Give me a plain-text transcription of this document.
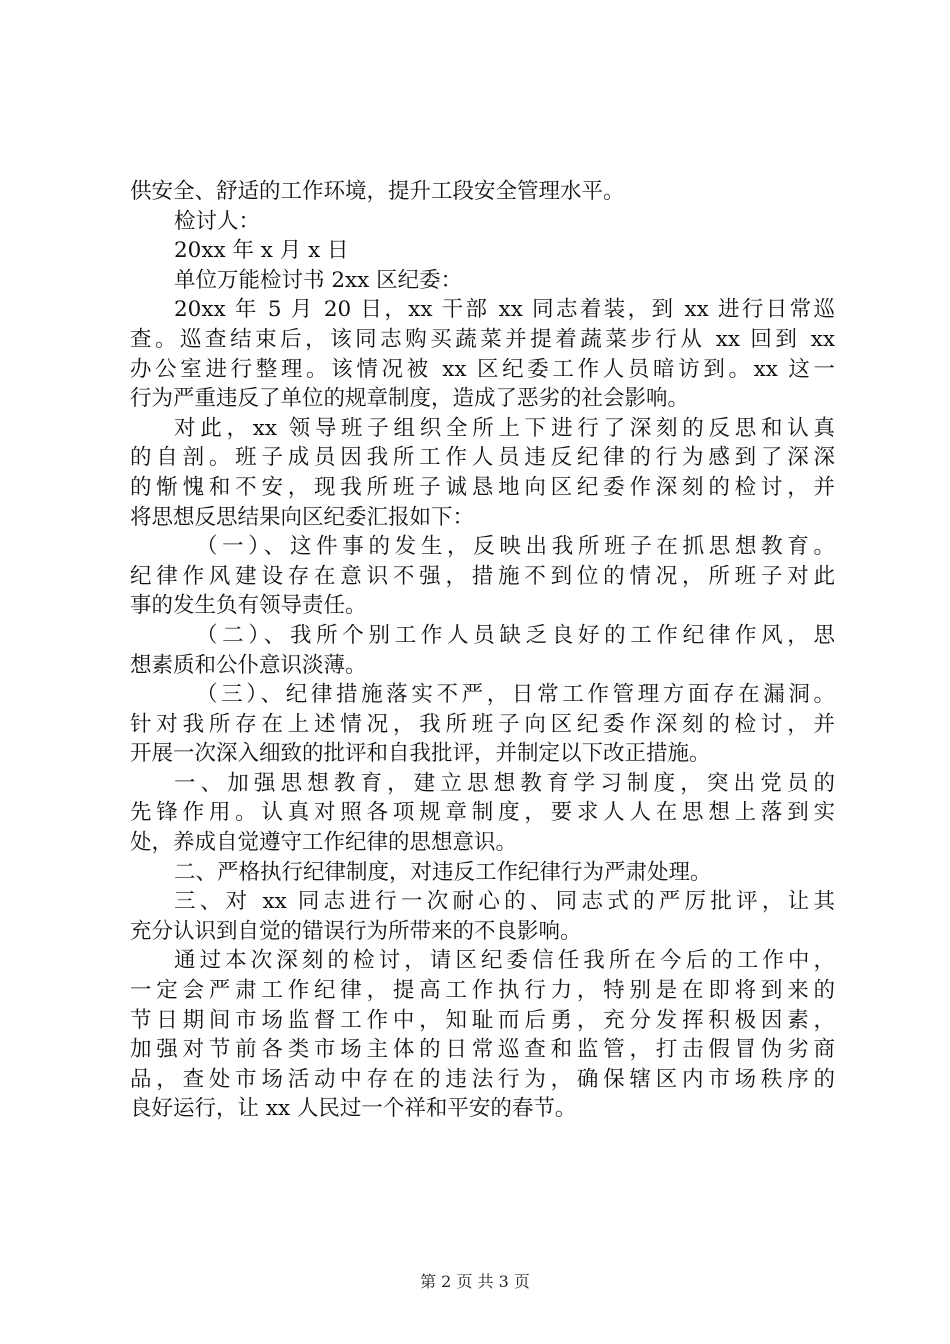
供安全、舒适的工作环境，提升工段安全管理水平。
检讨人：
20xx 年 x 月 x 日
单位万能检讨书 2xx 区纪委：
20xx 年 5 月 20 日，xx 干部 xx 同志着装，到 xx 进行日常巡
查。巡查结束后，该同志购买蔬菜并提着蔬菜步行从 xx 回到 xx
办公室进行整理。该情况被 xx 区纪委工作人员暗访到。xx 这一
行为严重违反了单位的规章制度，造成了恶劣的社会影响。
对此，xx 领导班子组织全所上下进行了深刻的反思和认真
的自剖。班子成员因我所工作人员违反纪律的行为感到了深深
的惭愧和不安，现我所班子诚恳地向区纪委作深刻的检讨，并
将思想反思结果向区纪委汇报如下：
（一）、这件事的发生，反映出我所班子在抓思想教育。
纪律作风建设存在意识不强，措施不到位的情况，所班子对此
事的发生负有领导责任。
（二）、我所个别工作人员缺乏良好的工作纪律作风，思
想素质和公仆意识淡薄。
（三）、纪律措施落实不严，日常工作管理方面存在漏洞。
针对我所存在上述情况，我所班子向区纪委作深刻的检讨，并
开展一次深入细致的批评和自我批评，并制定以下改正措施。
一、加强思想教育，建立思想教育学习制度，突出党员的
先锋作用。认真对照各项规章制度，要求人人在思想上落到实
处，养成自觉遵守工作纪律的思想意识。
二、严格执行纪律制度，对违反工作纪律行为严肃处理。
三、对 xx 同志进行一次耐心的、同志式的严厉批评，让其
充分认识到自觉的错误行为所带来的不良影响。
通过本次深刻的检讨，请区纪委信任我所在今后的工作中，
一定会严肃工作纪律，提高工作执行力，特别是在即将到来的
节日期间市场监督工作中，知耻而后勇，充分发挥积极因素，
加强对节前各类市场主体的日常巡查和监管，打击假冒伪劣商
品，查处市场活动中存在的违法行为，确保辖区内市场秩序的
良好运行，让 xx 人民过一个祥和平安的春节。
第 2 页 共 3 页
